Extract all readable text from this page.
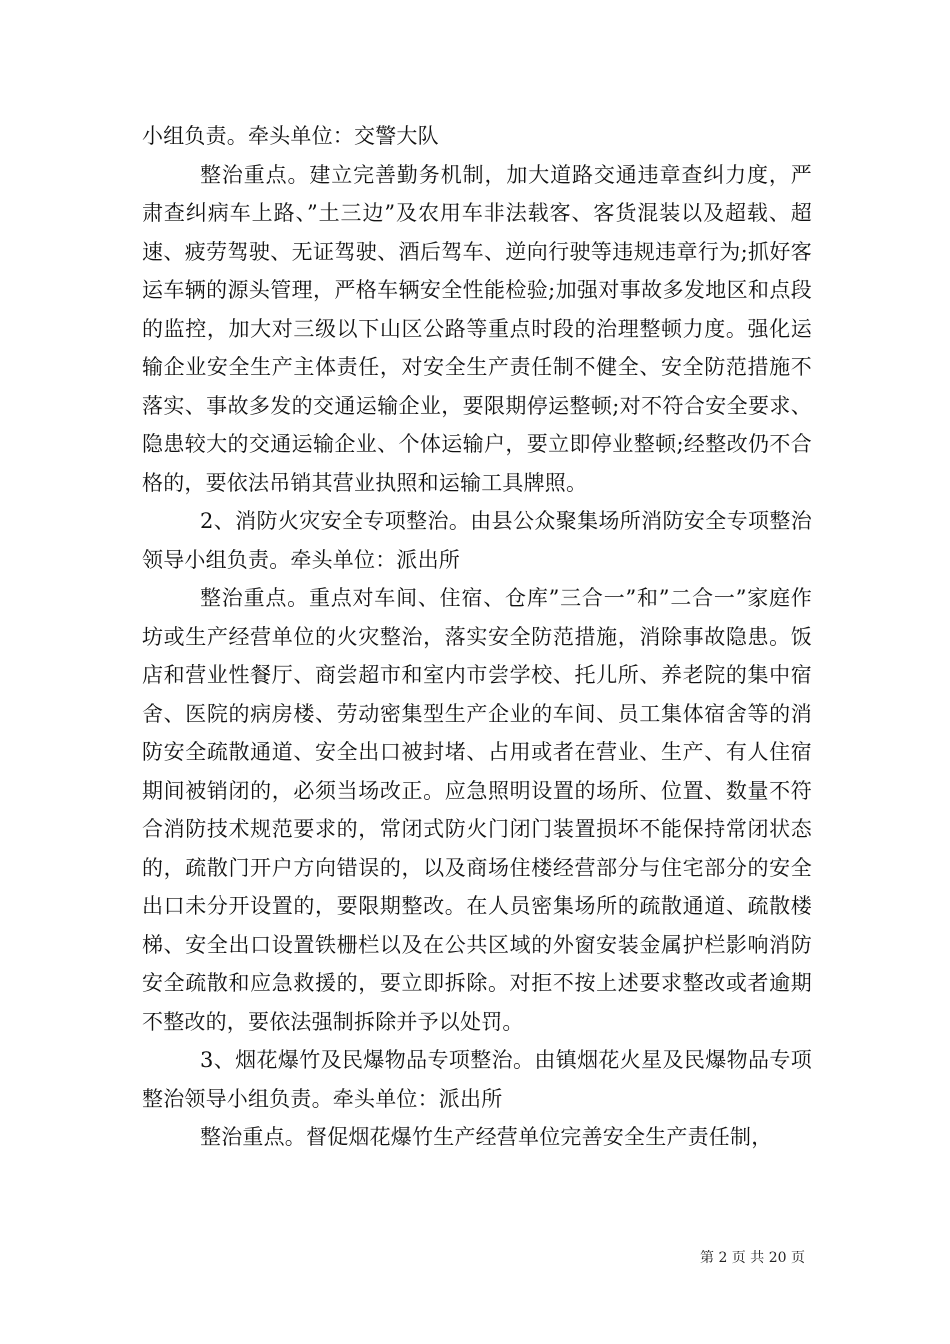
小组负责。牵头单位：交警大队

整治重点。建立完善勤务机制，加大道路交通违章查纠力度，严肃查纠病车上路、”土三边”及农用车非法载客、客货混装以及超载、超速、疲劳驾驶、无证驾驶、酒后驾车、逆向行驶等违规违章行为;抓好客运车辆的源头管理，严格车辆安全性能检验;加强对事故多发地区和点段的监控，加大对三级以下山区公路等重点时段的治理整顿力度。强化运输企业安全生产主体责任，对安全生产责任制不健全、安全防范措施不落实、事故多发的交通运输企业，要限期停运整顿;对不符合安全要求、隐患较大的交通运输企业、个体运输户，要立即停业整顿;经整改仍不合格的，要依法吊销其营业执照和运输工具牌照。

2、消防火灾安全专项整治。由县公众聚集场所消防安全专项整治领导小组负责。牵头单位：派出所

整治重点。重点对车间、住宿、仓库”三合一”和”二合一”家庭作坊或生产经营单位的火灾整治，落实安全防范措施，消除事故隐患。饭店和营业性餐厅、商尝超市和室内市尝学校、托儿所、养老院的集中宿舍、医院的病房楼、劳动密集型生产企业的车间、员工集体宿舍等的消防安全疏散通道、安全出口被封堵、占用或者在营业、生产、有人住宿期间被销闭的，必须当场改正。应急照明设置的场所、位置、数量不符合消防技术规范要求的，常闭式防火门闭门装置损坏不能保持常闭状态的，疏散门开户方向错误的，以及商场住楼经营部分与住宅部分的安全出口未分开设置的，要限期整改。在人员密集场所的疏散通道、疏散楼梯、安全出口设置铁栅栏以及在公共区域的外窗安装金属护栏影响消防安全疏散和应急救援的，要立即拆除。对拒不按上述要求整改或者逾期不整改的，要依法强制拆除并予以处罚。

3、烟花爆竹及民爆物品专项整治。由镇烟花火星及民爆物品专项整治领导小组负责。牵头单位：派出所

整治重点。督促烟花爆竹生产经营单位完善安全生产责任制，

第 2 页 共 20 页
